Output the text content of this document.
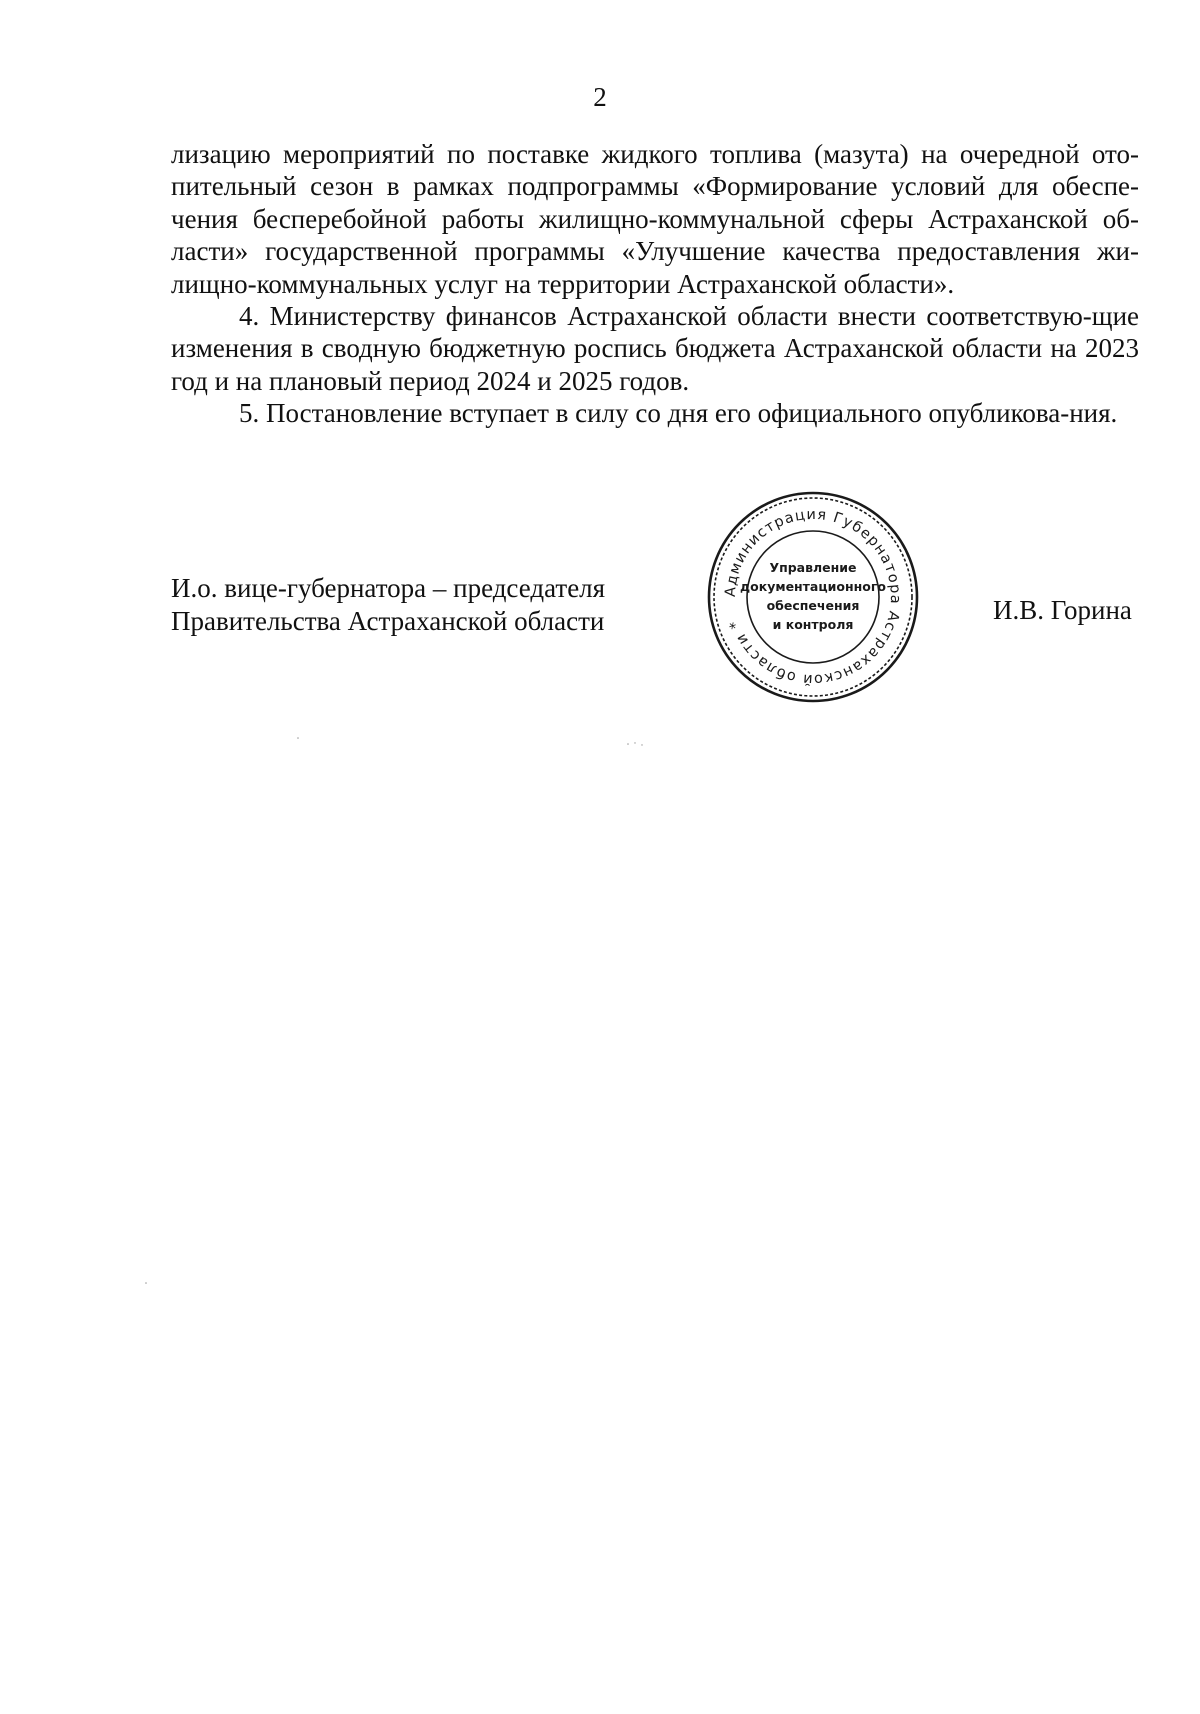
2

лизацию мероприятий по поставке жидкого топлива (мазута) на очередной ото-пительный сезон в рамках подпрограммы «Формирование условий для обеспе-чения бесперебойной работы жилищно-коммунальной сферы Астраханской об-ласти» государственной программы «Улучшение качества предоставления жи-лищно-коммунальных услуг на территории Астраханской области».

4. Министерству финансов Астраханской области внести соответствую-щие изменения в сводную бюджетную роспись бюджета Астраханской области на 2023 год и на плановый период 2024 и 2025 годов.

5. Постановление вступает в силу со дня его официального опубликова-ния.

И.о. вице-губернатора – председателя
Правительства Астраханской области	И.В. Горина
Администрация Губернатора Астраханской области *
Управление
документационного
обеспечения
и контроля
